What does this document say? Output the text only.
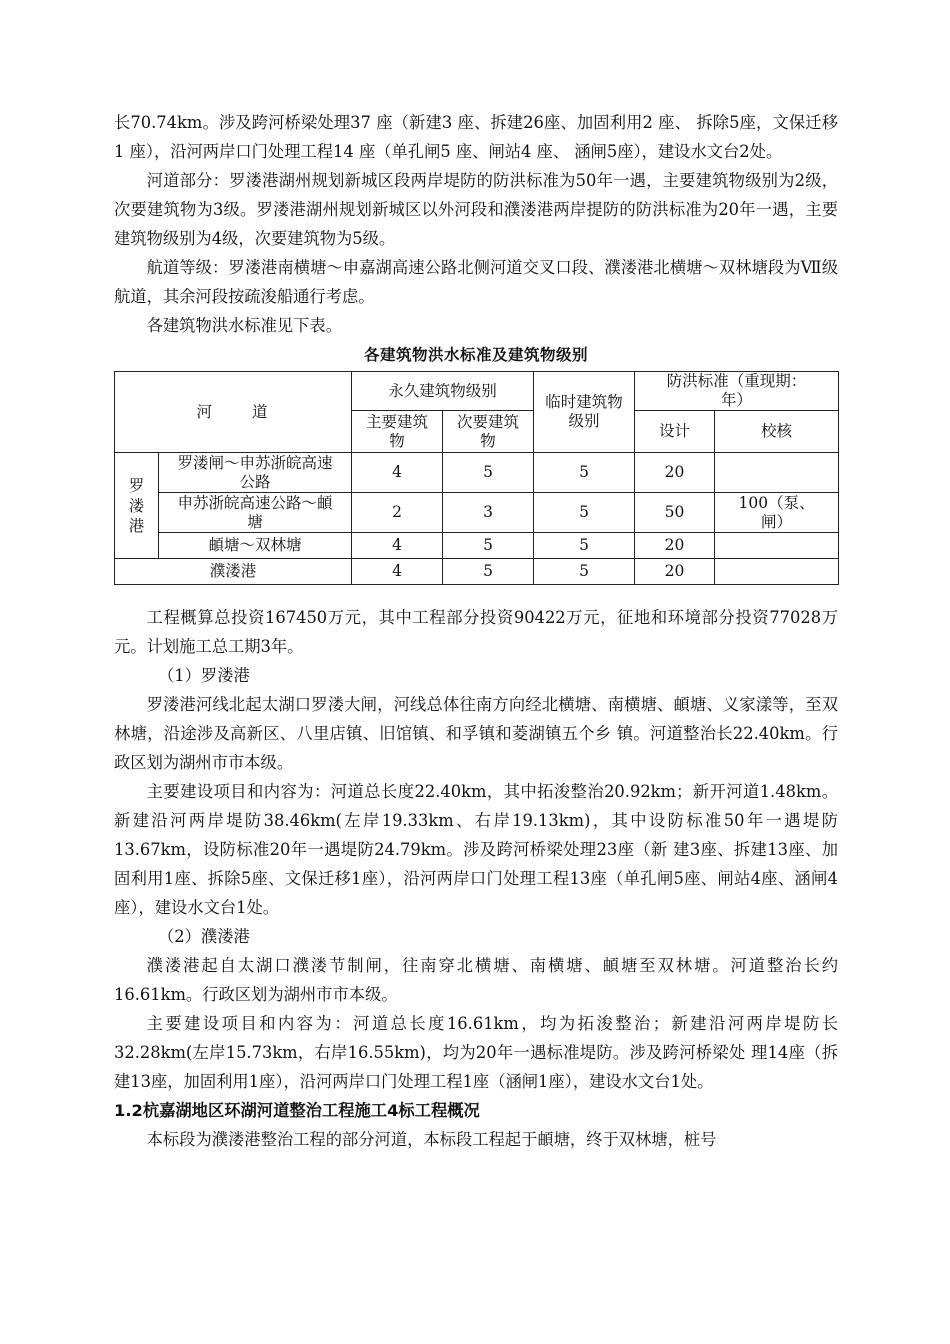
长70.74km。涉及跨河桥梁处理37 座（新建3 座、拆建26座、加固利用2 座、 拆除5座，文保迁移1 座），沿河两岸口门处理工程14 座（单孔闸5 座、闸站4 座、 涵闸5座），建设水文台2处。

河道部分：罗溇港湖州规划新城区段两岸堤防的防洪标准为50年一遇，主要建筑物级别为2级，次要建筑物为3级。罗溇港湖州规划新城区以外河段和濮溇港两岸提防的防洪标准为20年一遇，主要建筑物级别为4级，次要建筑物为5级。

航道等级：罗溇港南横塘～申嘉湖高速公路北侧河道交叉口段、濮溇港北横塘～双林塘段为Ⅶ级航道，其余河段按疏浚船通行考虑。

各建筑物洪水标准见下表。

各建筑物洪水标准及建筑物级别
河道		永久建筑物级别		临时建筑物级别	防洪标准（重现期：年）	

		主要建筑物	次要建筑物		设计	校核

罗溇港	罗溇闸～申苏浙皖高速公路	4	5	5	20	

	申苏浙皖高速公路～頔塘	2	3	5	50	100（泵、闸）

	頔塘～双林塘	4	5	5	20	
濮溇港		4	5	5	20	

工程概算总投资167450万元，其中工程部分投资90422万元，征地和环境部分投资77028万元。计划施工总工期3年。

（1）罗溇港

罗溇港河线北起太湖口罗溇大闸，河线总体往南方向经北横塘、南横塘、頔塘、义家漾等，至双林塘，沿途涉及高新区、八里店镇、旧馆镇、和孚镇和菱湖镇五个乡 镇。河道整治长22.40km。行政区划为湖州市市本级。

主要建设项目和内容为：河道总长度22.40km，其中拓浚整治20.92km；新开河道1.48km。新建沿河两岸堤防38.46km(左岸19.33km、右岸19.13km)，其中设防标准50年一遇堤防13.67km，设防标准20年一遇堤防24.79km。涉及跨河桥梁处理23座（新 建3座、拆建13座、加固利用1座、拆除5座、文保迁移1座），沿河两岸口门处理工程13座（单孔闸5座、闸站4座、涵闸4座），建设水文台1处。

（2）濮溇港

濮溇港起自太湖口濮溇节制闸，往南穿北横塘、南横塘、頔塘至双林塘。河道整治长约16.61km。行政区划为湖州市市本级。

主要建设项目和内容为：河道总长度16.61km，均为拓浚整治；新建沿河两岸堤防长32.28km(左岸15.73km，右岸16.55km)，均为20年一遇标准堤防。涉及跨河桥梁处 理14座（拆建13座，加固利用1座），沿河两岸口门处理工程1座（涵闸1座），建设水文台1处。

1.2杭嘉湖地区环湖河道整治工程施工4标工程概况

本标段为濮溇港整治工程的部分河道，本标段工程起于頔塘，终于双林塘，桩号
